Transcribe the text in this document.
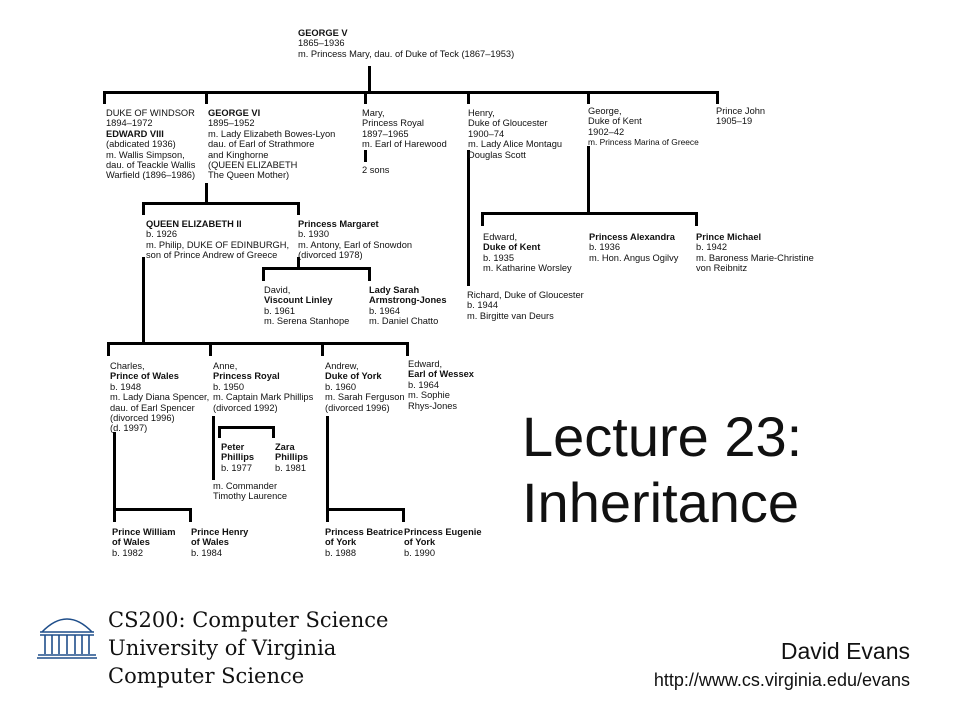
GEORGE V
1865–1936
m. Princess Mary, dau. of Duke of Teck (1867–1953)
DUKE OF WINDSOR
1894–1972
EDWARD VIII
(abdicated 1936)
m. Wallis Simpson,
dau. of Teackle Wallis
Warfield (1896–1986)
GEORGE VI
1895–1952
m. Lady Elizabeth Bowes-Lyon
dau. of Earl of Strathmore
and Kinghorne
(QUEEN ELIZABETH
The Queen Mother)
Mary,
Princess Royal
1897–1965
m. Earl of Harewood
2 sons
Henry,
Duke of Gloucester
1900–74
m. Lady Alice Montagu
Douglas Scott
George,
Duke of Kent
1902–42
m. Princess Marina of Greece
Prince John
1905–19
QUEEN ELIZABETH II
b. 1926
m. Philip, DUKE OF EDINBURGH,
son of Prince Andrew of Greece
Princess Margaret
b. 1930
m. Antony, Earl of Snowdon
(divorced 1978)
Edward,
Duke of Kent
b. 1935
m. Katharine Worsley
Princess Alexandra
b. 1936
m. Hon. Angus Ogilvy
Prince Michael
b. 1942
m. Baroness Marie-Christine
von Reibnitz
David,
Viscount Linley
b. 1961
m. Serena Stanhope
Lady Sarah
Armstrong-Jones
b. 1964
m. Daniel Chatto
Richard, Duke of Gloucester
b. 1944
m. Birgitte van Deurs
Charles,
Prince of Wales
b. 1948
m. Lady Diana Spencer,
dau. of Earl Spencer
(divorced 1996)
(d. 1997)
Anne,
Princess Royal
b. 1950
m. Captain Mark Phillips
(divorced 1992)
m. Commander
Timothy Laurence
Andrew,
Duke of York
b. 1960
m. Sarah Ferguson
(divorced 1996)
Edward,
Earl of Wessex
b. 1964
m. Sophie
Rhys-Jones
Peter
Phillips
b. 1977
Zara
Phillips
b. 1981
Prince William
of Wales
b. 1982
Prince Henry
of Wales
b. 1984
Princess Beatrice
of York
b. 1988
Princess Eugenie
of York
b. 1990
Lecture 23:
Inheritance
CS200: Computer Science
University of Virginia
Computer Science
David Evans
http://www.cs.virginia.edu/evans
